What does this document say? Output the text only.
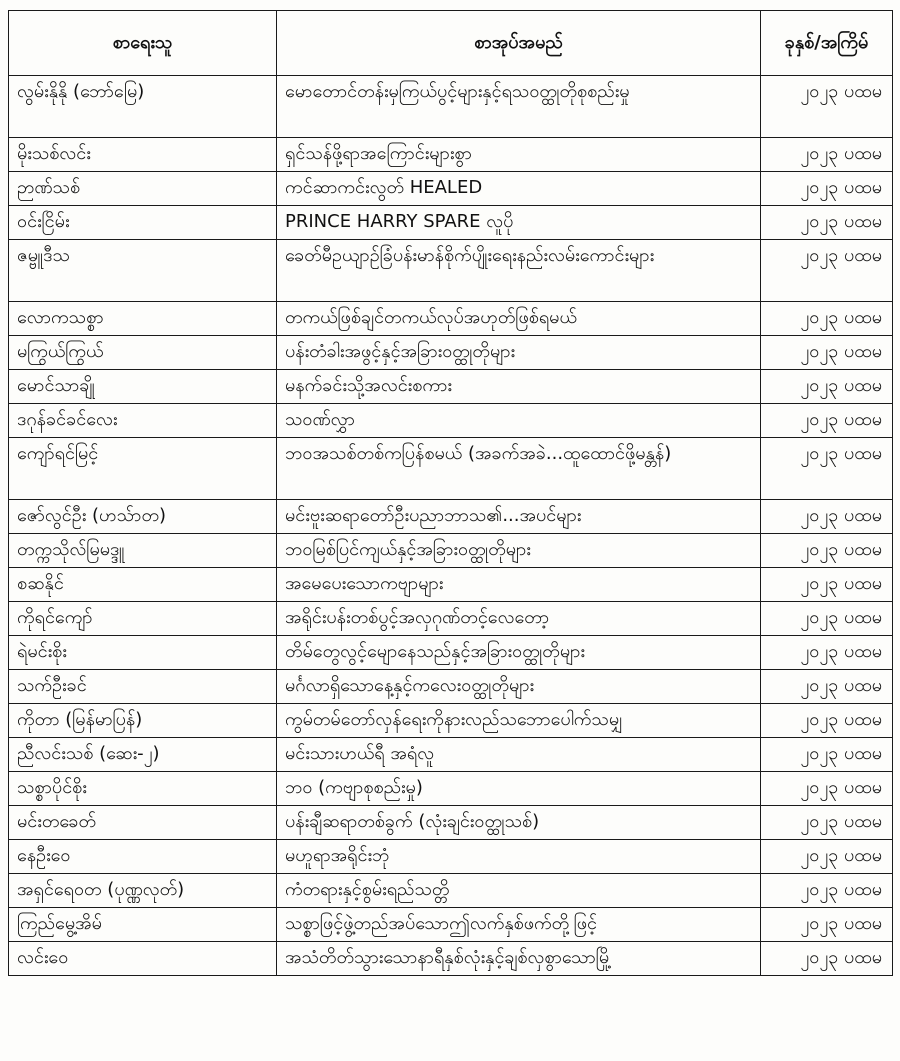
စာရေးသူ	စာအုပ်အမည်	ခုနှစ်/အကြိမ်
လွမ်းနိုနို (ဘော်မြေ)	မောတောင်တန်းမှကြယ်ပွင့်များနှင့်ရသဝတ္ထုတိုစုစည်းမှု	၂၀၂၃ ပထမ
မိုးသစ်လင်း	ရှင်သန်ဖို့ရာအကြောင်းများစွာ	၂၀၂၃ ပထမ
ဉာဏ်သစ်	ကင်ဆာကင်းလွတ် HEALED	၂၀၂၃ ပထမ
ဝင်းငြိမ်း	PRINCE HARRY SPARE လူပို	၂၀၂၃ ပထမ
ဇမ္ဗူဒီသ	ခေတ်မီဥယျာဉ်ခြံပန်းမာန်စိုက်ပျိုးရေးနည်းလမ်းကောင်းများ	၂၀၂၃ ပထမ
လောကသစ္စာ	တကယ်ဖြစ်ချင်တကယ်လုပ်အဟုတ်ဖြစ်ရမယ်	၂၀၂၃ ပထမ
မကြွယ်ကြွယ်	ပန်းတံခါးအဖွင့်နှင့်အခြားဝတ္ထုတိုများ	၂၀၂၃ ပထမ
မောင်သာချို	မနက်ခင်းသို့အလင်းစကား	၂၀၂၃ ပထမ
ဒဂုန်ခင်ခင်လေး	သဝဏ်လွှာ	၂၀၂၃ ပထမ
ကျော်ရင်မြင့်	ဘဝအသစ်တစ်ကပြန်စမယ် (အခက်အခဲ...ထူထောင်ဖို့မန္တန်)	၂၀၂၃ ပထမ
ဇော်လွင်ဦး (ဟသ်ာတ)	မင်းဗူးဆရာတော်ဦးပညာဘာသ၏...အပင်များ	၂၀၂၃ ပထမ
တက္ကသိုလ်မြမဒ္ဒူ	ဘဝမြစ်ပြင်ကျယ်နှင့်အခြားဝတ္ထုတိုများ	၂၀၂၃ ပထမ
စဆနိုင်	အမေပေးသောကဗျာများ	၂၀၂၃ ပထမ
ကိုရင်ကျော်	အရိုင်းပန်းတစ်ပွင့်အလှဂုဏ်တင့်လေတော့	၂၀၂၃ ပထမ
ရဲမင်းစိုး	တိမ်တွေလွင့်မျောနေသည်နှင့်အခြားဝတ္ထုတိုများ	၂၀၂၃ ပထမ
သက်ဦးခင်	မင်္ဂလာရှိသောနေ့နှင့်ကလေးဝတ္ထုတိုများ	၂၀၂၃ ပထမ
ကိုတာ (မြန်မာပြန်)	ကွမ်တမ်တော်လှန်ရေးကိုနားလည်သဘောပေါက်သမျှ	၂၀၂၃ ပထမ
ညီလင်းသစ် (ဆေး-၂)	မင်းသားဟယ်ရီ အရံလူ	၂၀၂၃ ပထမ
သစ္စာပိုင်စိုး	ဘဝ (ကဗျာစုစည်းမှု)	၂၀၂၃ ပထမ
မင်းတခေတ်	ပန်းချီဆရာတစ်ခွက် (လုံးချင်းဝတ္ထုသစ်)	၂၀၂၃ ပထမ
နေဦးဝေ	မဟူရာအရိုင်းဘုံ	၂၀၂၃ ပထမ
အရှင်ရေဝတ (ပုဏ္ဏလုတ်)	ကံတရားနှင့်စွမ်းရည်သတ္တိ	၂၀၂၃ ပထမ
ကြည်မွေ့အိမ်	သစ္စာဖြင့်ဖွဲ့တည်အပ်သောဤလက်နှစ်ဖက်တို့ဖြင့်	၂၀၂၃ ပထမ
လင်းဝေ	အသံတိတ်သွားသောနာရီနှစ်လုံးနှင့်ချစ်လှစွာသောမြို့	၂၀၂၃ ပထမ
